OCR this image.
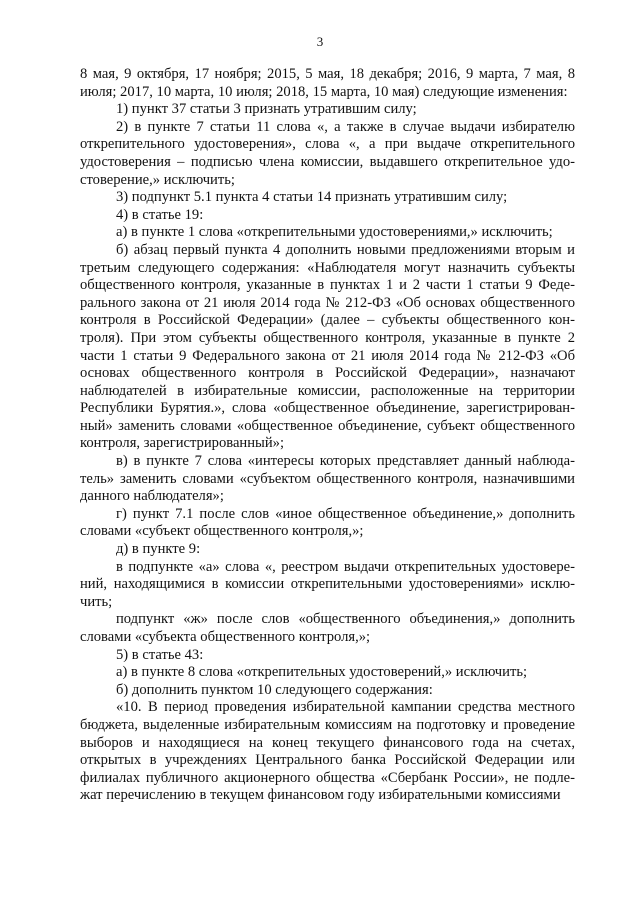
3

8 мая, 9 октября, 17 ноября; 2015, 5 мая, 18 декабря; 2016, 9 марта, 7 мая, 8 июля; 2017, 10 марта, 10 июля; 2018, 15 марта, 10 мая) следующие изменения:

1) пункт 37 статьи 3 признать утратившим силу;

2) в пункте 7 статьи 11 слова «, а также в случае выдачи избирателю открепительного удостоверения», слова «, а при выдаче открепительного удостоверения – подписью члена комиссии, выдавшего открепительное удостоверение,» исключить;

3) подпункт 5.1 пункта 4 статьи 14 признать утратившим силу;

4) в статье 19:

а) в пункте 1 слова «открепительными удостоверениями,» исключить;

б) абзац первый пункта 4 дополнить новыми предложениями вторым и третьим следующего содержания: «Наблюдателя могут назначить субъекты общественного контроля, указанные в пунктах 1 и 2 части 1 статьи 9 Федерального закона от 21 июля 2014 года № 212-ФЗ «Об основах общественного контроля в Российской Федерации» (далее – субъекты общественного контроля). При этом субъекты общественного контроля, указанные в пункте 2 части 1 статьи 9 Федерального закона от 21 июля 2014 года № 212-ФЗ «Об основах общественного контроля в Российской Федерации», назначают наблюдателей в избирательные комиссии, расположенные на территории Республики Бурятия.», слова «общественное объединение, зарегистрированный» заменить словами «общественное объединение, субъект общественного контроля, зарегистрированный»;

в) в пункте 7 слова «интересы которых представляет данный наблюдатель» заменить словами «субъектом общественного контроля, назначившими данного наблюдателя»;

г) пункт 7.1 после слов «иное общественное объединение,» дополнить словами «субъект общественного контроля,»;

д) в пункте 9:

в подпункте «а» слова «, реестром выдачи открепительных удостоверений, находящимися в комиссии открепительными удостоверениями» исключить;

подпункт «ж» после слов «общественного объединения,» дополнить словами «субъекта общественного контроля,»;

5) в статье 43:

а) в пункте 8 слова «открепительных удостоверений,» исключить;

б) дополнить пунктом 10 следующего содержания:

«10. В период проведения избирательной кампании средства местного бюджета, выделенные избирательным комиссиям на подготовку и проведение выборов и находящиеся на конец текущего финансового года на счетах, открытых в учреждениях Центрального банка Российской Федерации или филиалах публичного акционерного общества «Сбербанк России», не подлежат перечислению в текущем финансовом году избирательными комиссиями
